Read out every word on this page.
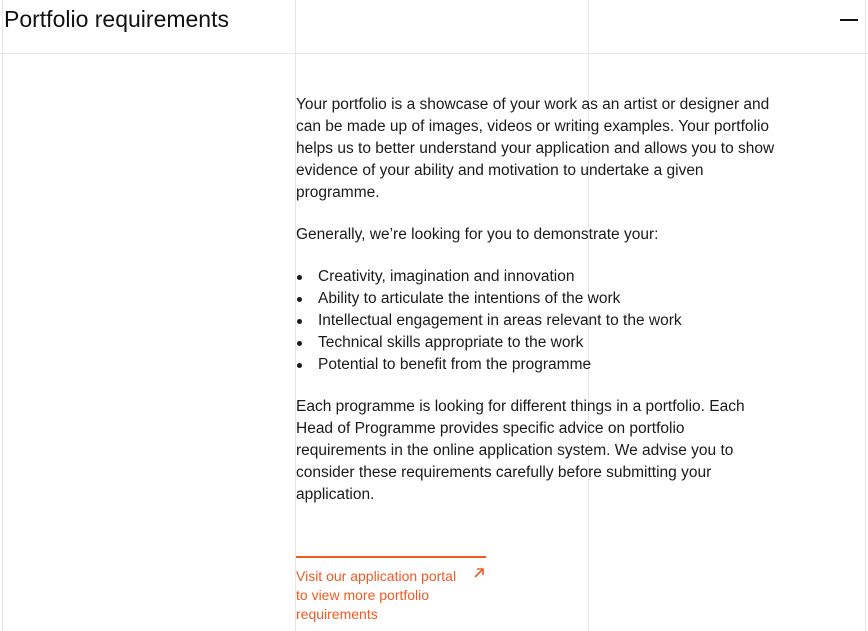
Portfolio requirements

Your portfolio is a showcase of your work as an artist or designer and can be made up of images, videos or writing examples. Your portfolio helps us to better understand your application and allows you to show evidence of your ability and motivation to undertake a given programme.

Generally, we’re looking for you to demonstrate your:

Creativity, imagination and innovation
Ability to articulate the intentions of the work
Intellectual engagement in areas relevant to the work
Technical skills appropriate to the work
Potential to benefit from the programme

Each programme is looking for different things in a portfolio. Each Head of Programme provides specific advice on portfolio requirements in the online application system. We advise you to consider these requirements carefully before submitting your application.

Visit our application portal to view more portfolio requirements
